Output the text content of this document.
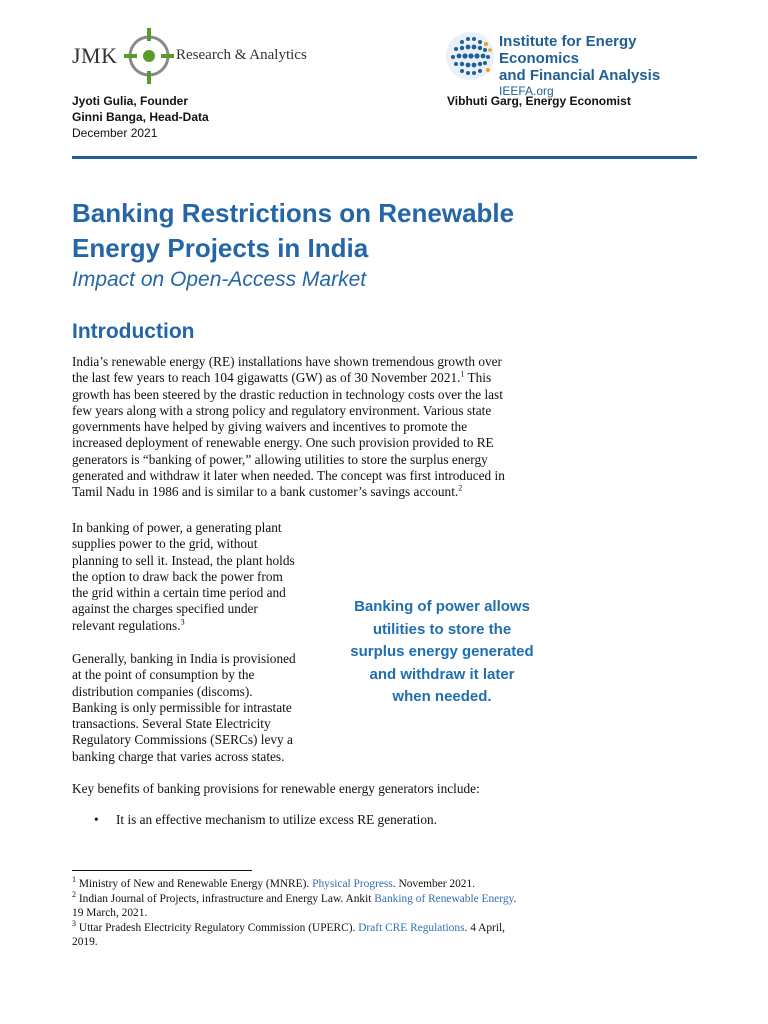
JMK	Research & Analytics
Institute for Energy Economics
and Financial Analysis
IEEFA.org
Jyoti Gulia, Founder
Ginni Banga, Head-Data
December 2021
Vibhuti Garg, Energy Economist
Banking Restrictions on Renewable
Energy Projects in India
Impact on Open-Access Market
Introduction
India’s renewable energy (RE) installations have shown tremendous growth over
the last few years to reach 104 gigawatts (GW) as of 30 November 2021.$^1$ This
growth has been steered by the drastic reduction in technology costs over the last
few years along with a strong policy and regulatory environment. Various state
governments have helped by giving waivers and incentives to promote the
increased deployment of renewable energy. One such provision provided to RE
generators is “banking of power,” allowing utilities to store the surplus energy
generated and withdraw it later when needed. The concept was first introduced in
Tamil Nadu in 1986 and is similar to a bank customer’s savings account.$^2$
In banking of power, a generating plant
supplies power to the grid, without
planning to sell it. Instead, the plant holds
the option to draw back the power from
the grid within a certain time period and
against the charges specified under
relevant regulations.$^3$
Generally, banking in India is provisioned
at the point of consumption by the
distribution companies (discoms).
Banking is only permissible for intrastate
transactions. Several State Electricity
Regulatory Commissions (SERCs) levy a
banking charge that varies across states.
Banking of power allows
utilities to store the
surplus energy generated
and withdraw it later
when needed.
Key benefits of banking provisions for renewable energy generators include:
• It is an effective mechanism to utilize excess RE generation.
$^1$ Ministry of New and Renewable Energy (MNRE). Physical Progress. November 2021.
$^2$ Indian Journal of Projects, infrastructure and Energy Law. Ankit Banking of Renewable Energy.
19 March, 2021.
$^3$ Uttar Pradesh Electricity Regulatory Commission (UPERC). Draft CRE Regulations. 4 April,
2019.
